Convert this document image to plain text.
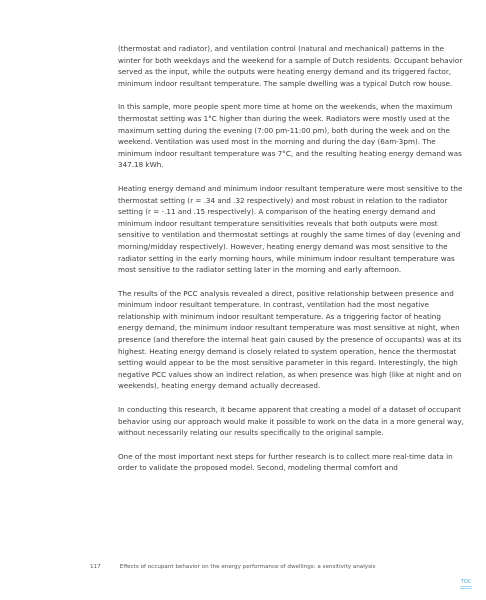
(thermostat and radiator), and ventilation control (natural and mechanical) patterns in the winter for both weekdays and the weekend for a sample of Dutch residents. Occupant behavior served as the input, while the outputs were heating energy demand and its triggered factor, minimum indoor resultant temperature. The sample dwelling was a typical Dutch row house.

In this sample, more people spent more time at home on the weekends, when the maximum thermostat setting was 1°C higher than during the week. Radiators were mostly used at the maximum setting during the evening (7:00 pm-11:00 pm), both during the week and on the weekend. Ventilation was used most in the morning and during the day (6am-3pm). The minimum indoor resultant temperature was 7°C, and the resulting heating energy demand was 347.18 kWh.

Heating energy demand and minimum indoor resultant temperature were most sensitive to the thermostat setting (r = .34 and .32 respectively) and most robust in relation to the radiator setting (r = -.11 and .15 respectively). A comparison of the heating energy demand and minimum indoor resultant temperature sensitivities reveals that both outputs were most sensitive to ventilation and thermostat settings at roughly the same times of day (evening and morning/midday respectively). However, heating energy demand was most sensitive to the radiator setting in the early morning hours, while minimum indoor resultant temperature was most sensitive to the radiator setting later in the morning and early afternoon.

The results of the PCC analysis revealed a direct, positive relationship between presence and minimum indoor resultant temperature. In contrast, ventilation had the most negative relationship with minimum indoor resultant temperature. As a triggering factor of heating energy demand, the minimum indoor resultant temperature was most sensitive at night, when presence (and therefore the internal heat gain caused by the presence of occupants) was at its highest. Heating energy demand is closely related to system operation, hence the thermostat setting would appear to be the most sensitive parameter in this regard. Interestingly, the high negative PCC values show an indirect relation, as when presence was high (like at night and on weekends), heating energy demand actually decreased.

In conducting this research, it became apparent that creating a model of a dataset of occupant behavior using our approach would make it possible to work on the data in a more general way, without necessarily relating our results specifically to the original sample.

One of the most important next steps for further research is to collect more real-time data in order to validate the proposed model. Second, modeling thermal comfort and

117	Effects of occupant behavior on the energy performance of dwellings: a sensitivity analysis
TOC
